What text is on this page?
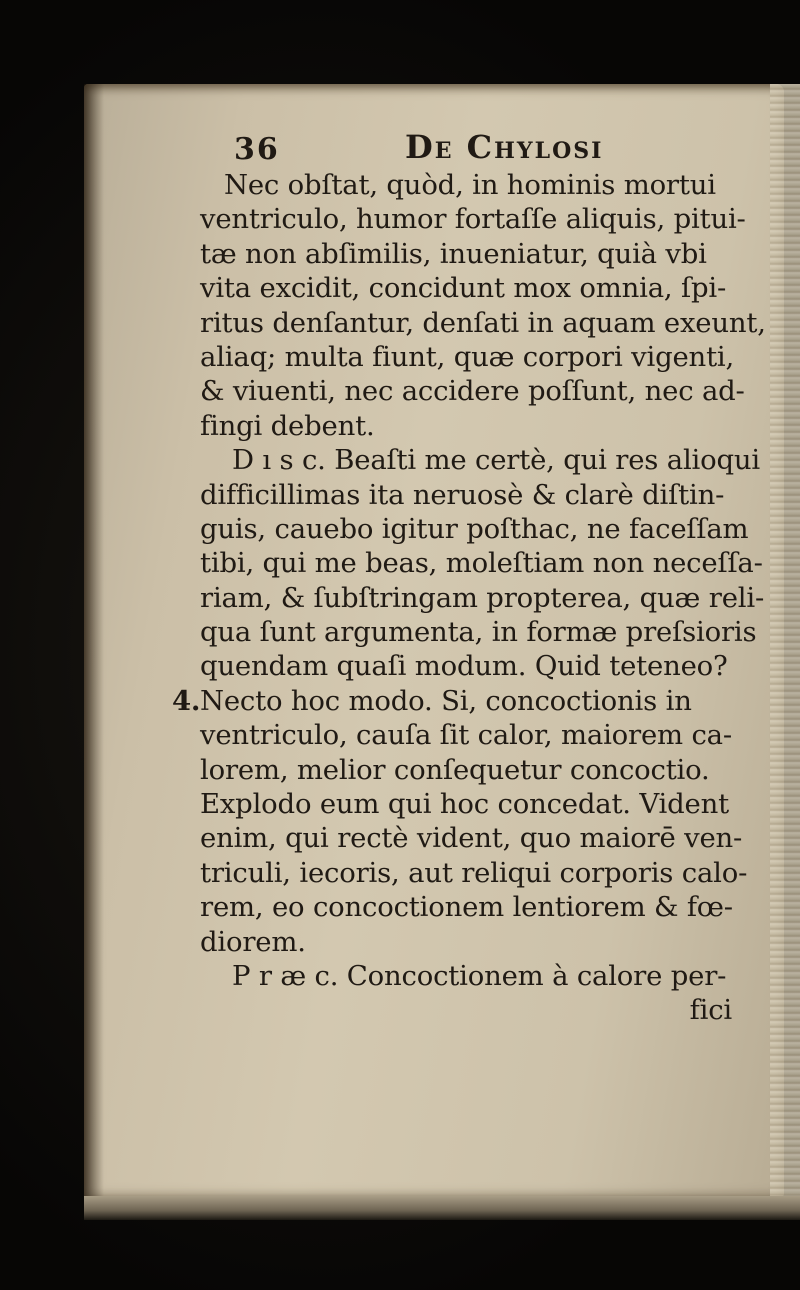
36	De Chylosi
Nec obſtat, quòd, in hominis mortui
ventriculo, humor fortaſſe aliquis, pitui-
tæ non abſimilis, inueniatur, quià vbi
vita excidit, concidunt mox omnia, ſpi-
ritus denſantur, denſati in aquam exeunt,
aliaq; multa fiunt, quæ corpori vigenti,
& viuenti, nec accidere poſſunt, nec ad-
fingi debent.
D ı s c. Beaſti me certè, qui res alioqui
difficillimas ita neruosè & clarè diſtin-
guis, cauebo igitur poſthac, ne faceſſam
tibi, qui me beas, moleſtiam non neceſſa-
riam, & ſubſtringam propterea, quæ reli-
qua ſunt argumenta, in formæ preſsioris
quendam quaſi modum. Quid teteneo?
4. Necto hoc modo. Si, concoctionis in
ventriculo, cauſa ſit calor, maiorem ca-
lorem, melior conſequetur concoctio.
Explodo eum qui hoc concedat. Vident
enim, qui rectè vident, quo maiorē ven-
triculi, iecoris, aut reliqui corporis calo-
rem, eo concoctionem lentiorem & fœ-
diorem.
P r æ c. Concoctionem à calore per-
fici
